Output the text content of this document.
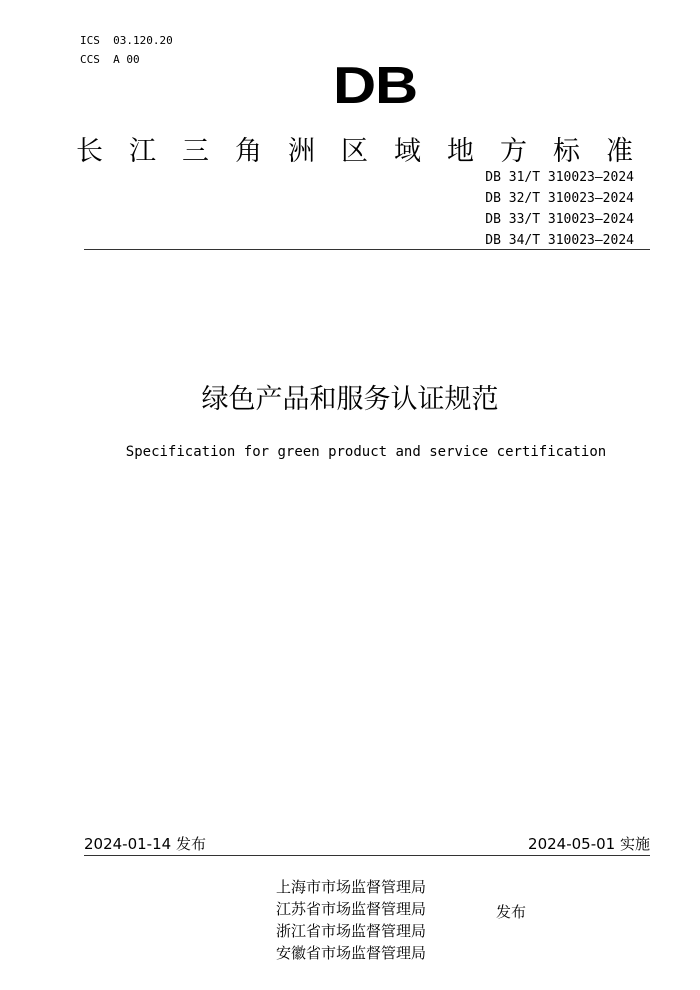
ICS  03.120.20
CCS  A 00	DB
长江三角洲区域地方标准
DB 31/T 310023—2024
DB 32/T 310023—2024
DB 33/T 310023—2024
DB 34/T 310023—2024
绿色产品和服务认证规范
Specification for green product and service certification
2024-01-14 发布	2024-05-01 实施
上海市市场监督管理局
江苏省市场监督管理局
浙江省市场监督管理局
安徽省市场监督管理局
发布
